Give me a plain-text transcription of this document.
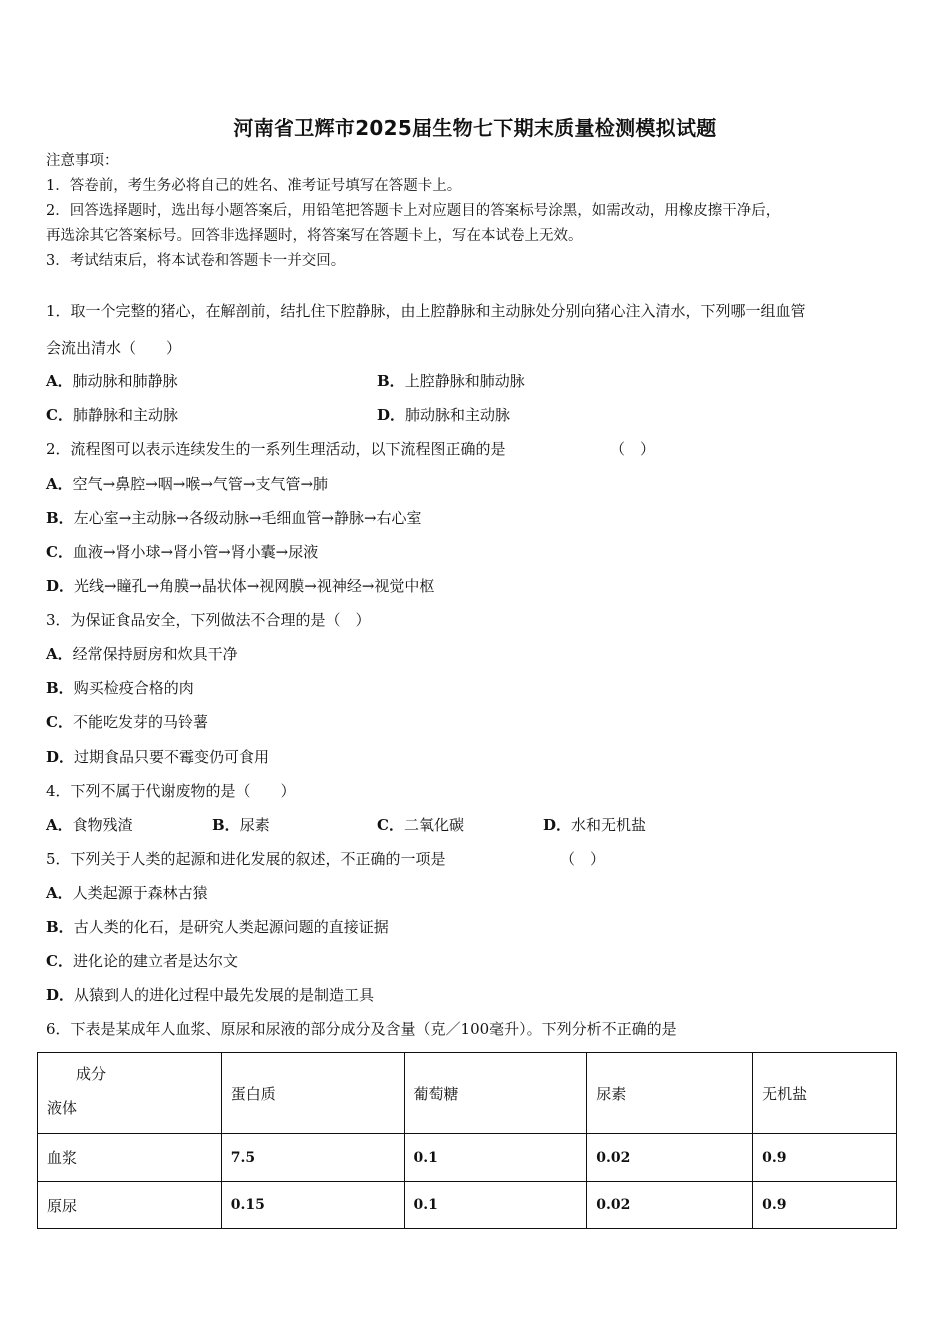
河南省卫辉市2025届生物七下期末质量检测模拟试题
注意事项：
1．答卷前，考生务必将自己的姓名、准考证号填写在答题卡上。
2．回答选择题时，选出每小题答案后，用铅笔把答题卡上对应题目的答案标号涂黑，如需改动，用橡皮擦干净后，
再选涂其它答案标号。回答非选择题时，将答案写在答题卡上，写在本试卷上无效。
3．考试结束后，将本试卷和答题卡一并交回。
1．取一个完整的猪心，在解剖前，结扎住下腔静脉，由上腔静脉和主动脉处分别向猪心注入清水，下列哪一组血管
会流出清水（　　）
A．肺动脉和肺静脉	B．上腔静脉和肺动脉
C．肺静脉和主动脉	D．肺动脉和主动脉
2．流程图可以表示连续发生的一系列生理活动，以下流程图正确的是	（　）
A．空气→鼻腔→咽→喉→气管→支气管→肺
B．左心室→主动脉→各级动脉→毛细血管→静脉→右心室
C．血液→肾小球→肾小管→肾小囊→尿液
D．光线→瞳孔→角膜→晶状体→视网膜→视神经→视觉中枢
3．为保证食品安全，下列做法不合理的是（　）
A．经常保持厨房和炊具干净
B．购买检疫合格的肉
C．不能吃发芽的马铃薯
D．过期食品只要不霉变仍可食用
4．下列不属于代谢废物的是（　　）
A．食物残渣	B．尿素	C．二氧化碳	D．水和无机盐
5．下列关于人类的起源和进化发展的叙述，不正确的一项是	（　）
A．人类起源于森林古猿
B．古人类的化石，是研究人类起源问题的直接证据
C．进化论的建立者是达尔文
D．从猿到人的进化过程中最先发展的是制造工具
6．下表是某成年人血浆、原尿和尿液的部分成分及含量（克／100毫升）。下列分析不正确的是
成分
液体	蛋白质	葡萄糖	尿素	无机盐
血浆	7.5	0.1	0.02	0.9
原尿	0.15	0.1	0.02	0.9
